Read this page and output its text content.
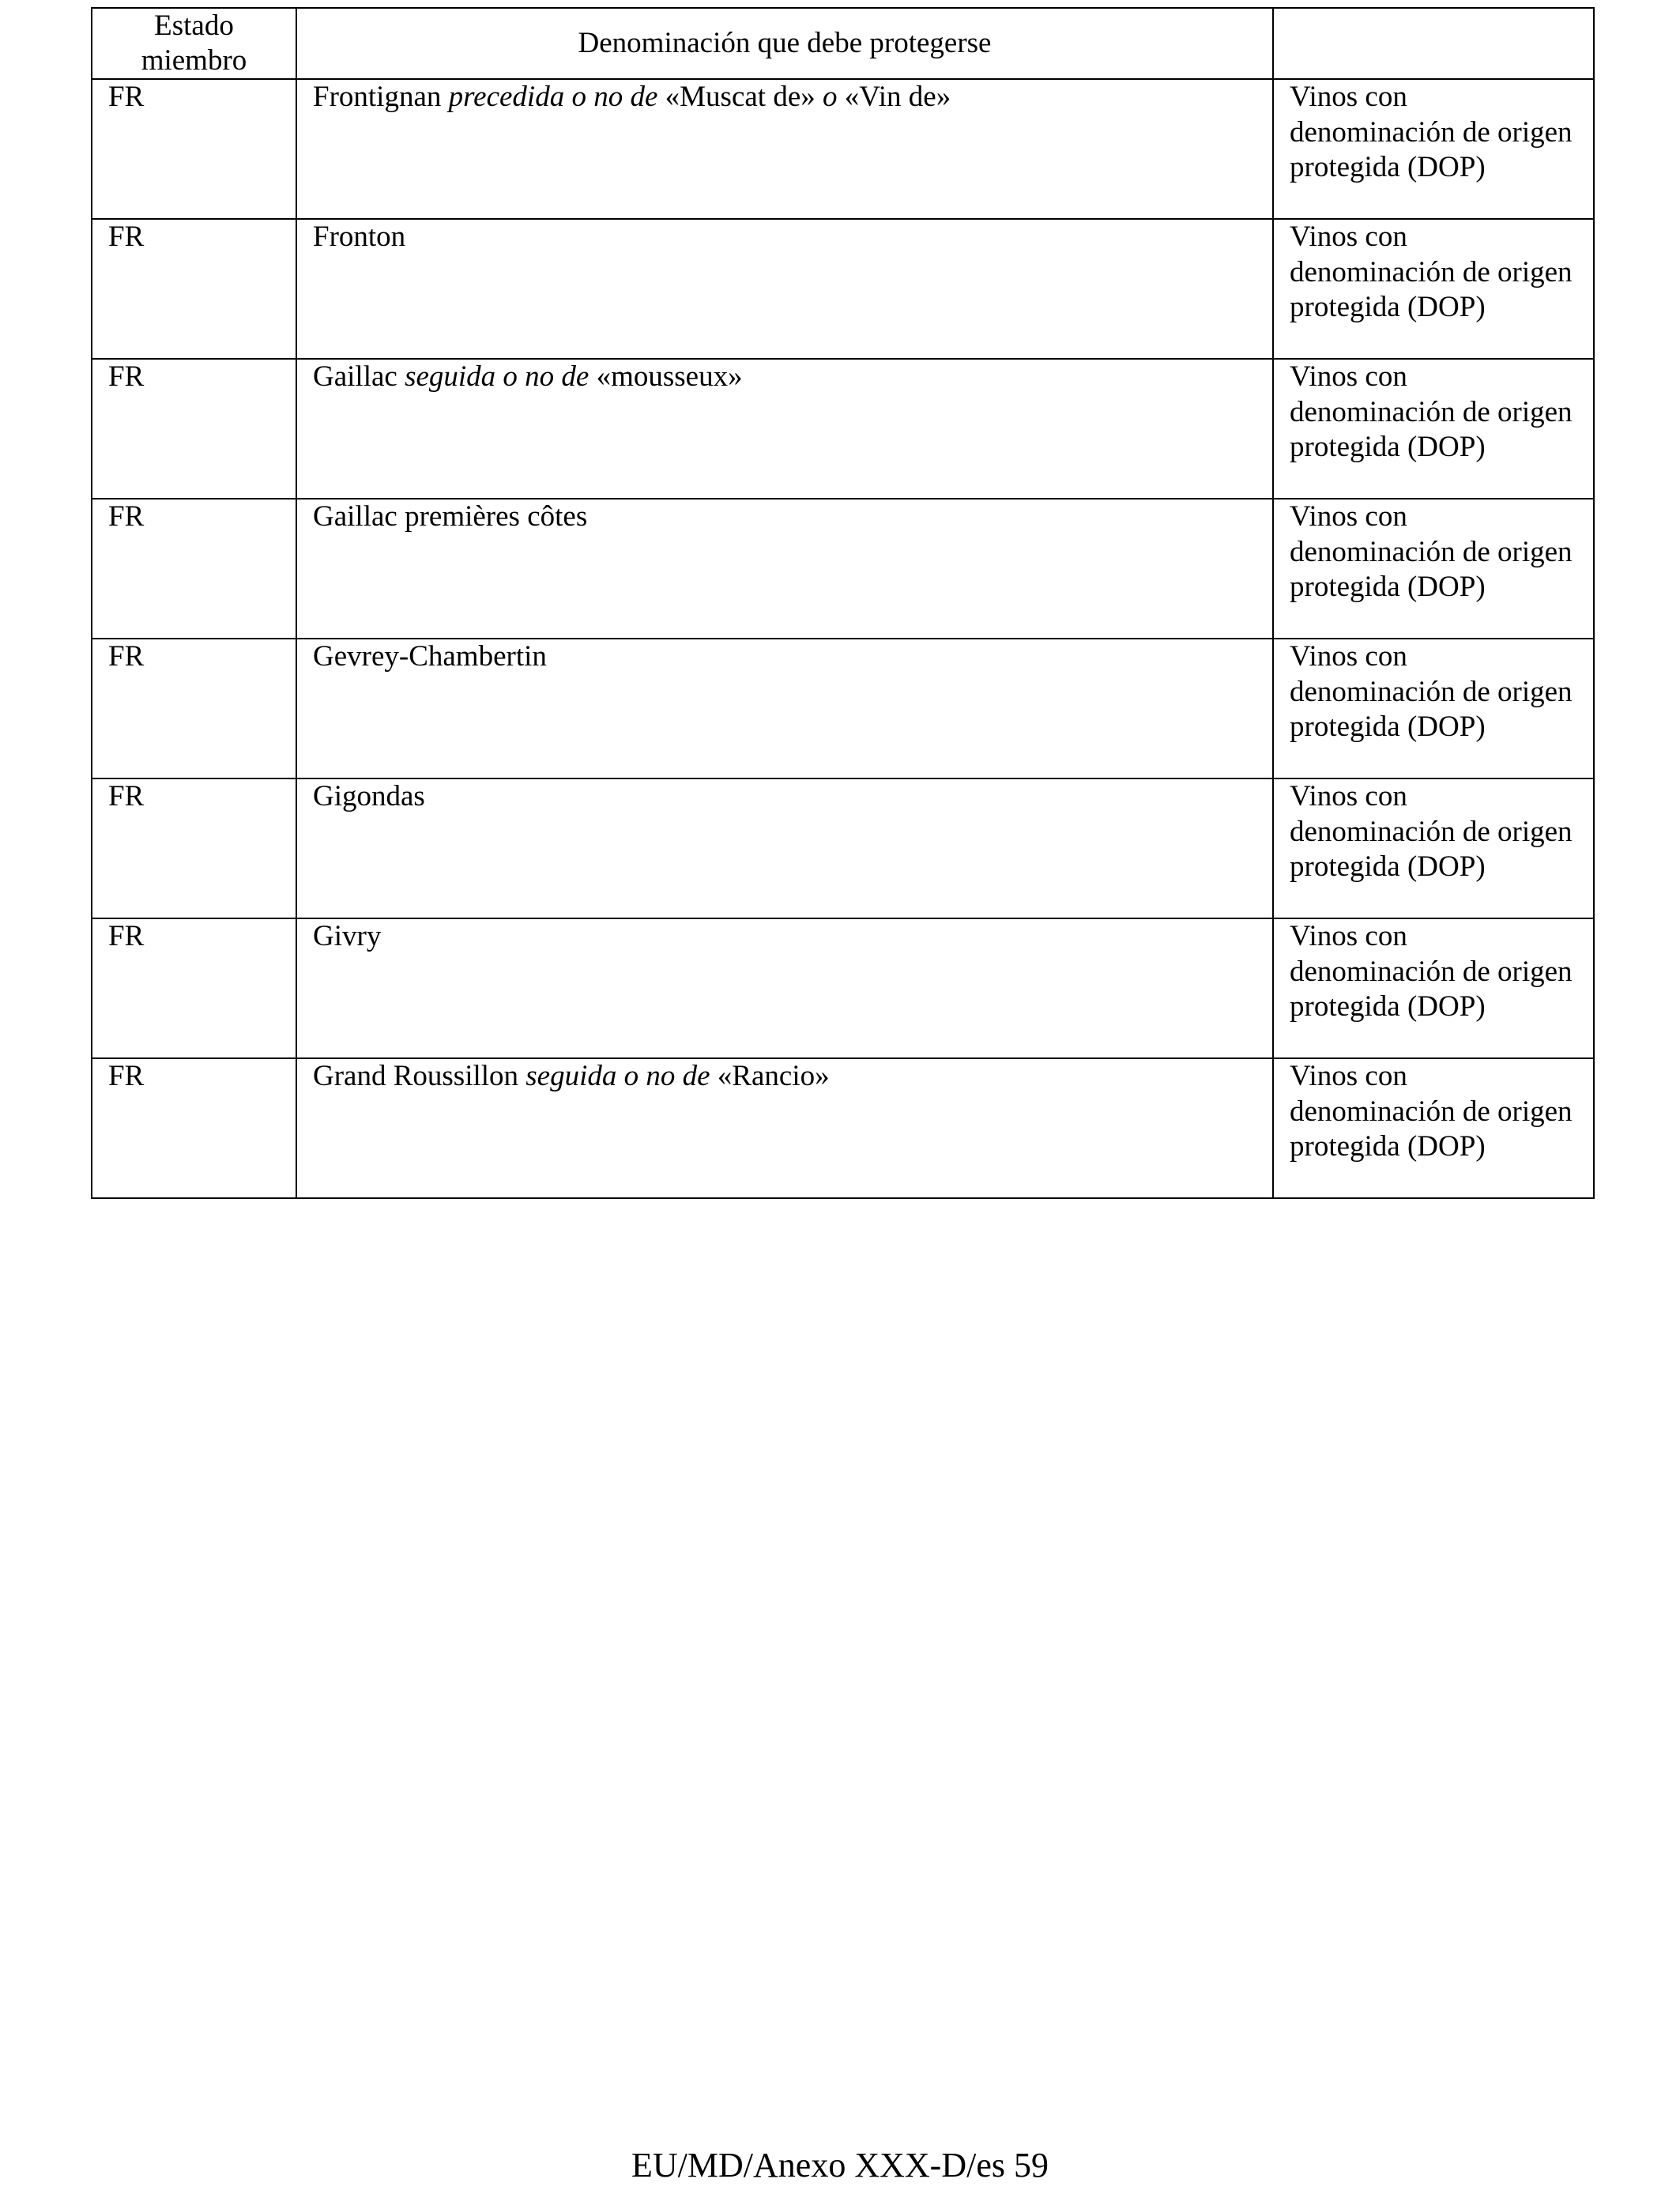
Estado miembro	Denominación que debe protegerse	
FR	Frontignan precedida o no de «Muscat de» o «Vin de»	Vinos con denominación de origen protegida (DOP)
FR	Fronton	Vinos con denominación de origen protegida (DOP)
FR	Gaillac seguida o no de «mousseux»	Vinos con denominación de origen protegida (DOP)
FR	Gaillac premières côtes	Vinos con denominación de origen protegida (DOP)
FR	Gevrey-Chambertin	Vinos con denominación de origen protegida (DOP)
FR	Gigondas	Vinos con denominación de origen protegida (DOP)
FR	Givry	Vinos con denominación de origen protegida (DOP)
FR	Grand Roussillon seguida o no de «Rancio»	Vinos con denominación de origen protegida (DOP)
EU/MD/Anexo XXX-D/es 59
